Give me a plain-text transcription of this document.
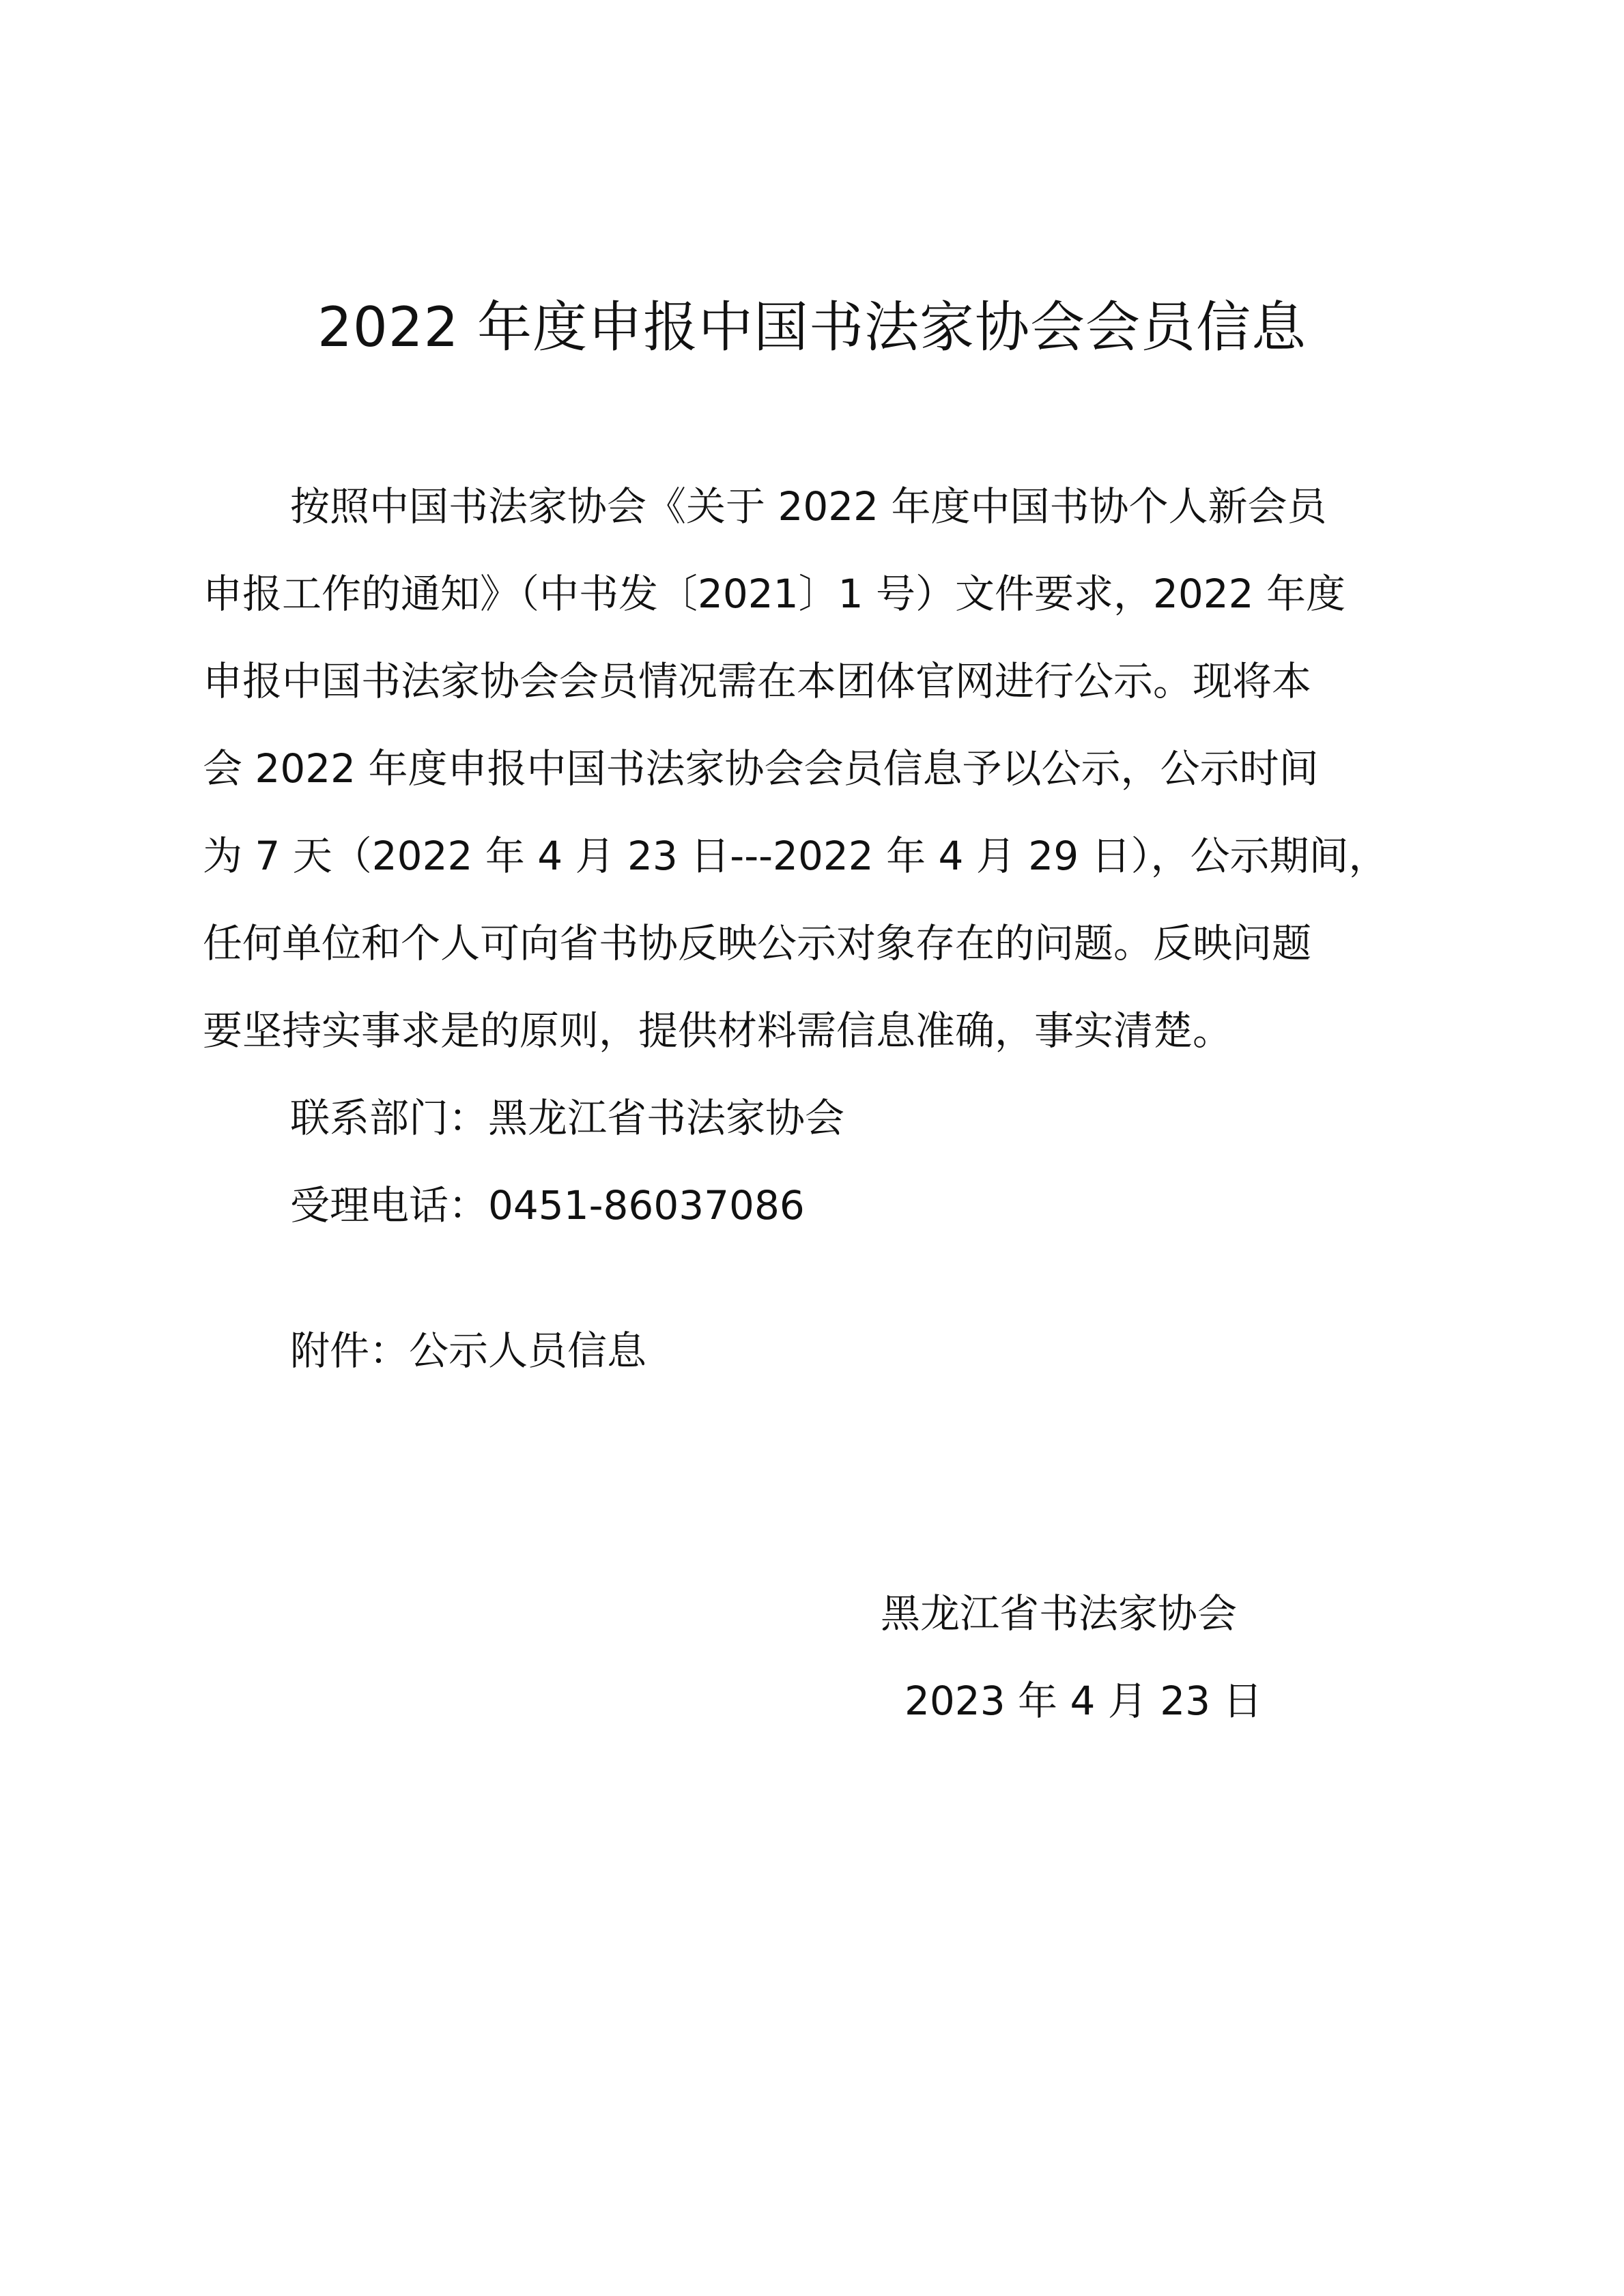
2022 年度申报中国书法家协会会员信息
按照中国书法家协会《关于 2022 年度中国书协个人新会员
申报工作的通知》（中书发〔2021〕1 号）文件要求，2022 年度
申报中国书法家协会会员情况需在本团体官网进行公示。现将本
会 2022 年度申报中国书法家协会会员信息予以公示，公示时间
为 7 天（2022 年 4 月 23 日---2022 年 4 月 29 日），公示期间，
任何单位和个人可向省书协反映公示对象存在的问题。反映问题
要坚持实事求是的原则，提供材料需信息准确，事实清楚。
联系部门：黑龙江省书法家协会
受理电话：0451-86037086
附件：公示人员信息
黑龙江省书法家协会
2023 年 4 月 23 日
